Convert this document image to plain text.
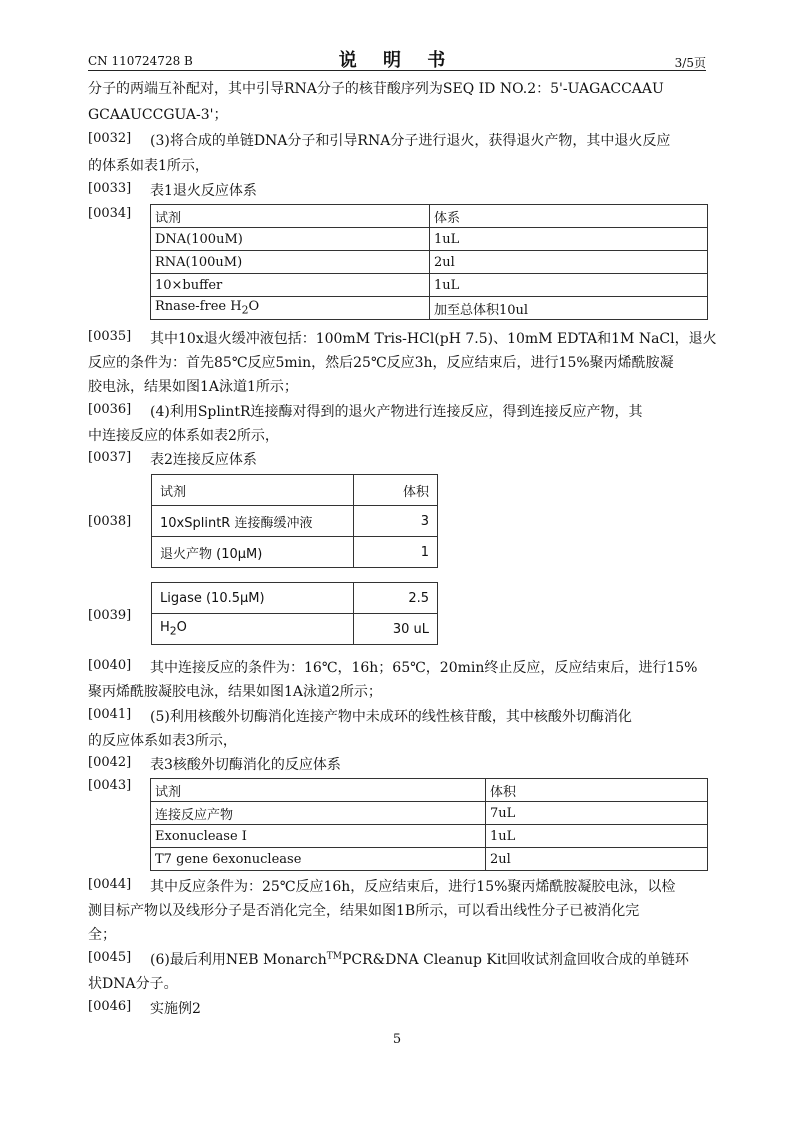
CN 110724728 B	说 明 书	3/5页
分子的两端互补配对，其中引导RNA分子的核苷酸序列为SEQ ID NO.2：5'-UAGACCAAU
GCAAUCCGUA-3'；
[0032] (3)将合成的单链DNA分子和引导RNA分子进行退火，获得退火产物，其中退火反应
的体系如表1所示，
[0033] 表1退火反应体系
[0034] 试剂	体系
DNA(100uM)	1uL
RNA(100uM)	2ul
10×buffer	1uL
Rnase-free $H_2O$	加至总体积10ul
[0035] 其中10x退火缓冲液包括：100mM Tris-HCl(pH 7.5)、10mM EDTA和1M NaCl，退火
反应的条件为：首先85℃反应5min，然后25℃反应3h，反应结束后，进行15%聚丙烯酰胺凝
胶电泳，结果如图1A泳道1所示；
[0036] (4)利用SplintR连接酶对得到的退火产物进行连接反应，得到连接反应产物，其
中连接反应的体系如表2所示，
[0037] 表2连接反应体系
试剂	体积
10xSplintR 连接酶缓冲液	3
退火产物 (10μM)	1
[0038]
Ligase (10.5μM)	2.5
$H_2O$	30 uL
[0039]
[0040] 其中连接反应的条件为：16℃，16h；65℃，20min终止反应，反应结束后，进行15%
聚丙烯酰胺凝胶电泳，结果如图1A泳道2所示；
[0041] (5)利用核酸外切酶消化连接产物中未成环的线性核苷酸，其中核酸外切酶消化
的反应体系如表3所示，
[0042] 表3核酸外切酶消化的反应体系
[0043] 试剂	体积
连接反应产物	7uL
Exonuclease I	1uL
T7 gene 6exonuclease	2ul
[0044] 其中反应条件为：25℃反应16h，反应结束后，进行15%聚丙烯酰胺凝胶电泳，以检
测目标产物以及线形分子是否消化完全，结果如图1B所示，可以看出线性分子已被消化完
全；
[0045] (6)最后利用NEB Monarch™PCR&DNA Cleanup Kit回收试剂盒回收合成的单链环
状DNA分子。
[0046] 实施例2
5
